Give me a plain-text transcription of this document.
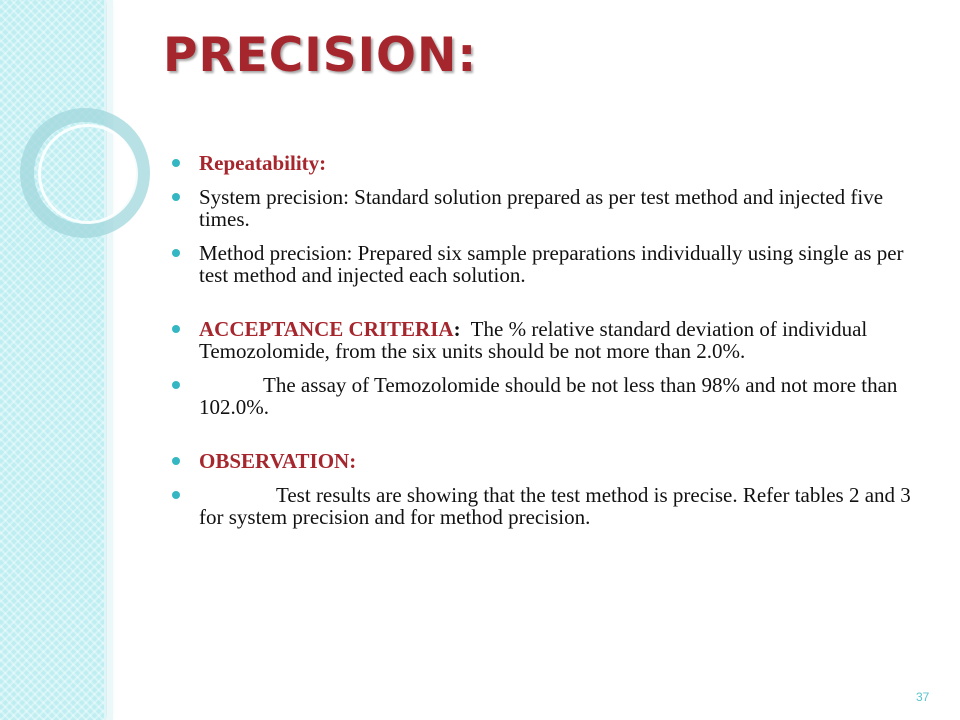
PRECISION:
Repeatability:
System precision: Standard solution prepared as per test method and injected five times.
Method precision: Prepared six sample preparations individually using single as per test method and injected each solution.
ACCEPTANCE CRITERIA:  The % relative standard deviation of individual Temozolomide, from the six units should be not more than 2.0%.
The assay of Temozolomide should be not less than 98% and not more than 102.0%.
OBSERVATION:
Test results are showing that the test method is precise. Refer tables 2 and 3 for system precision and for method precision.
37
